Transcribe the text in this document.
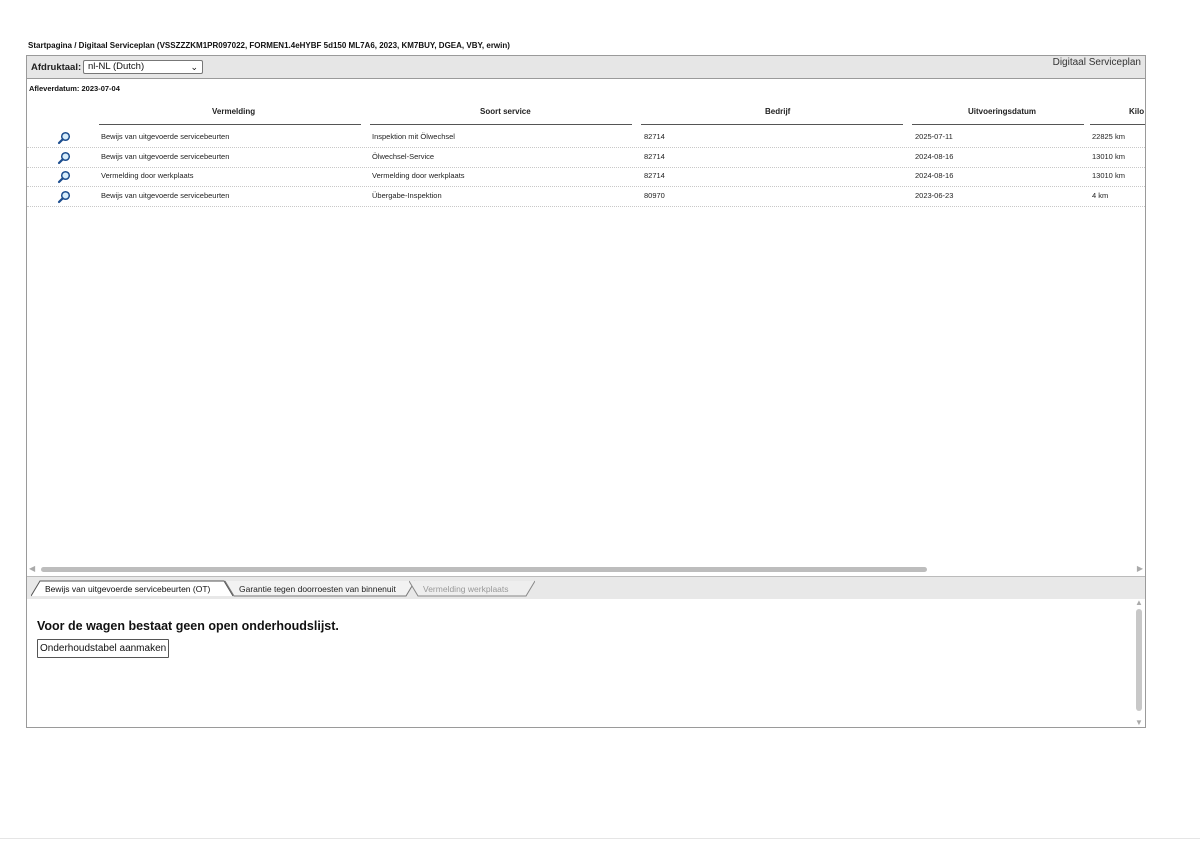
Startpagina / Digitaal Serviceplan (VSSZZZKM1PR097022, FORMEN1.4eHYBF 5d150 ML7A6, 2023, KM7BUY, DGEA, VBY, erwin)
Afdruktaal: nl-NL (Dutch)	⌄	Digitaal Serviceplan
Afleverdatum: 2023-07-04
Vermelding	Soort service	Bedrijf	Uitvoeringsdatum	Kilo
Bewijs van uitgevoerde servicebeurten	Inspektion mit Ölwechsel	82714	2025-07-11	22825 km
Bewijs van uitgevoerde servicebeurten	Ölwechsel-Service	82714	2024-08-16	13010 km
Vermelding door werkplaats	Vermelding door werkplaats	82714	2024-08-16	13010 km
Bewijs van uitgevoerde servicebeurten	Übergabe-Inspektion	80970	2023-06-23	4 km
◀	▶
Bewijs van uitgevoerde servicebeurten (OT)	Garantie tegen doorroesten van binnenuit	Vermelding werkplaats
Voor de wagen bestaat geen open onderhoudslijst.
Onderhoudstabel aanmaken
▲
▼
